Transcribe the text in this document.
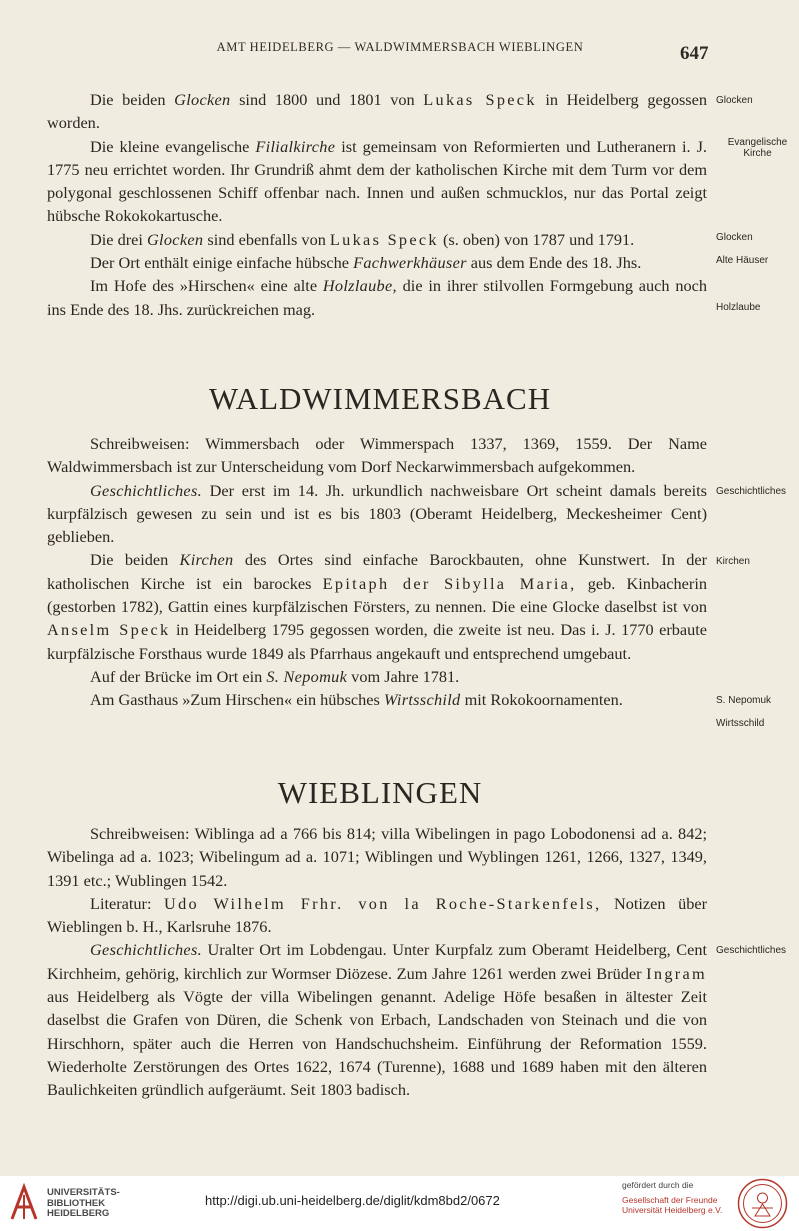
AMT HEIDELBERG — WALDWIMMERSBACH WIEBLINGEN	647

Die beiden Glocken sind 1800 und 1801 von Lukas Speck in Heidelberg gegossen worden.

Die kleine evangelische Filialkirche ist gemeinsam von Reformierten und Lutheranern i. J. 1775 neu errichtet worden. Ihr Grundriß ahmt dem der katholischen Kirche mit dem Turm vor dem polygonal geschlossenen Schiff offenbar nach. Innen und außen schmucklos, nur das Portal zeigt hübsche Rokokokartusche.

Die drei Glocken sind ebenfalls von Lukas Speck (s. oben) von 1787 und 1791.

Der Ort enthält einige einfache hübsche Fachwerkhäuser aus dem Ende des 18. Jhs.

Im Hofe des »Hirschen« eine alte Holzlaube, die in ihrer stilvollen Formgebung auch noch ins Ende des 18. Jhs. zurückreichen mag.

Glocken
Evangelische
Kirche
Glocken
Alte Häuser
Holzlaube
WALDWIMMERSBACH

Schreibweisen: Wimmersbach oder Wimmerspach 1337, 1369, 1559. Der Name Waldwimmersbach ist zur Unterscheidung vom Dorf Neckarwimmersbach aufgekommen.

Geschichtliches. Der erst im 14. Jh. urkundlich nachweisbare Ort scheint damals bereits kurpfälzisch gewesen zu sein und ist es bis 1803 (Oberamt Heidelberg, Meckesheimer Cent) geblieben.

Die beiden Kirchen des Ortes sind einfache Barockbauten, ohne Kunstwert. In der katholischen Kirche ist ein barockes Epitaph der Sibylla Maria, geb. Kinbacherin (gestorben 1782), Gattin eines kurpfälzischen Försters, zu nennen. Die eine Glocke daselbst ist von Anselm Speck in Heidelberg 1795 gegossen worden, die zweite ist neu. Das i. J. 1770 erbaute kurpfälzische Forsthaus wurde 1849 als Pfarrhaus angekauft und entsprechend umgebaut.

Auf der Brücke im Ort ein S. Nepomuk vom Jahre 1781.

Am Gasthaus »Zum Hirschen« ein hübsches Wirtsschild mit Rokokoornamenten.

Geschichtliches
Kirchen
S. Nepomuk
Wirtsschild
WIEBLINGEN

Schreibweisen: Wiblinga ad a 766 bis 814; villa Wibelingen in pago Lobodonensi ad a. 842; Wibelinga ad a. 1023; Wibelingum ad a. 1071; Wiblingen und Wyblingen 1261, 1266, 1327, 1349, 1391 etc.; Wublingen 1542.

Literatur: Udo Wilhelm Frhr. von la Roche-Starkenfels, Notizen über Wieblingen b. H., Karlsruhe 1876.

Geschichtliches. Uralter Ort im Lobdengau. Unter Kurpfalz zum Oberamt Heidelberg, Cent Kirchheim, gehörig, kirchlich zur Wormser Diözese. Zum Jahre 1261 werden zwei Brüder Ingram aus Heidelberg als Vögte der villa Wibelingen genannt. Adelige Höfe besaßen in ältester Zeit daselbst die Grafen von Düren, die Schenk von Erbach, Landschaden von Steinach und die von Hirschhorn, später auch die Herren von Handschuchsheim. Einführung der Reformation 1559. Wiederholte Zerstörungen des Ortes 1622, 1674 (Turenne), 1688 und 1689 haben mit den älteren Baulichkeiten gründlich aufgeräumt. Seit 1803 badisch.

Geschichtliches
UNIVERSITÄTS-
BIBLIOTHEK
HEIDELBERG
http://digi.ub.uni-heidelberg.de/diglit/kdm8bd2/0672
gefördert durch die
Gesellschaft der Freunde
Universität Heidelberg e.V.
